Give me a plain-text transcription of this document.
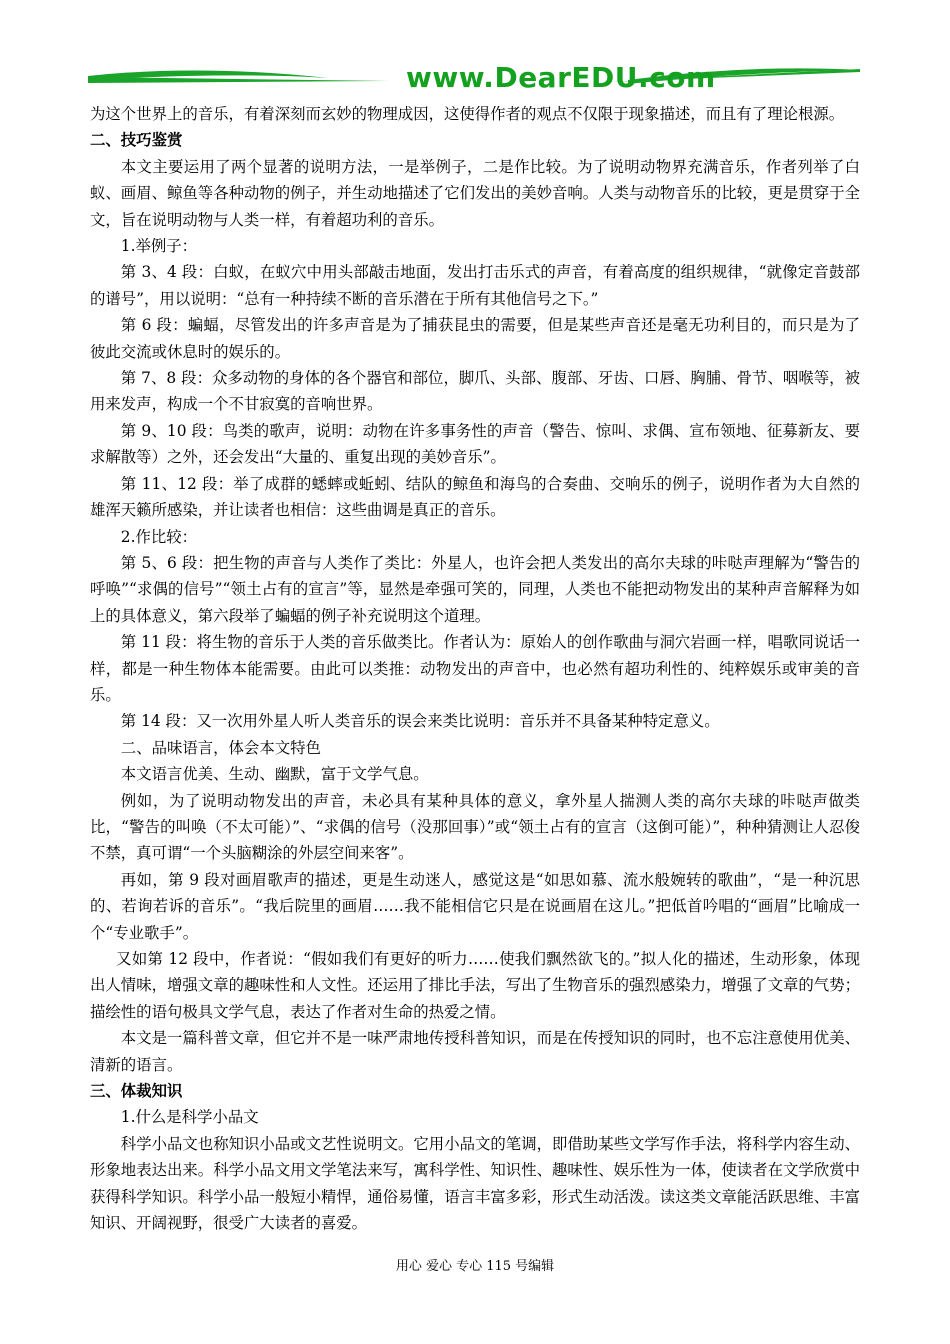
www.DearEDU.com

为这个世界上的音乐，有着深刻而玄妙的物理成因，这使得作者的观点不仅限于现象描述，而且有了理论根源。

二、技巧鉴赏

本文主要运用了两个显著的说明方法，一是举例子，二是作比较。为了说明动物界充满音乐，作者列举了白蚁、画眉、鲸鱼等各种动物的例子，并生动地描述了它们发出的美妙音响。人类与动物音乐的比较，更是贯穿于全文，旨在说明动物与人类一样，有着超功利的音乐。

1.举例子：

第 3、4 段：白蚁，在蚁穴中用头部敲击地面，发出打击乐式的声音，有着高度的组织规律，“就像定音鼓部的谱号”，用以说明：“总有一种持续不断的音乐潜在于所有其他信号之下。”

第 6 段：蝙蝠，尽管发出的许多声音是为了捕获昆虫的需要，但是某些声音还是毫无功利目的，而只是为了彼此交流或休息时的娱乐的。

第 7、8 段：众多动物的身体的各个器官和部位，脚爪、头部、腹部、牙齿、口唇、胸脯、骨节、咽喉等，被用来发声，构成一个不甘寂寞的音响世界。

第 9、10 段：鸟类的歌声，说明：动物在许多事务性的声音（警告、惊叫、求偶、宣布领地、征募新友、要求解散等）之外，还会发出“大量的、重复出现的美妙音乐”。

第 11、12 段：举了成群的蟋蟀或蚯蚓、结队的鲸鱼和海鸟的合奏曲、交响乐的例子，说明作者为大自然的雄浑天籁所感染，并让读者也相信：这些曲调是真正的音乐。

2.作比较：

第 5、6 段：把生物的声音与人类作了类比：外星人，也许会把人类发出的高尔夫球的咔哒声理解为“警告的呼唤”“求偶的信号”“领土占有的宣言”等，显然是牵强可笑的，同理，人类也不能把动物发出的某种声音解释为如上的具体意义，第六段举了蝙蝠的例子补充说明这个道理。

第 11 段：将生物的音乐于人类的音乐做类比。作者认为：原始人的创作歌曲与洞穴岩画一样，唱歌同说话一样，都是一种生物体本能需要。由此可以类推：动物发出的声音中，也必然有超功利性的、纯粹娱乐或审美的音乐。

第 14 段：又一次用外星人听人类音乐的误会来类比说明：音乐并不具备某种特定意义。

二、品味语言，体会本文特色

本文语言优美、生动、幽默，富于文学气息。

例如，为了说明动物发出的声音，未必具有某种具体的意义，拿外星人揣测人类的高尔夫球的咔哒声做类比，“警告的叫唤（不太可能）”、“求偶的信号（没那回事）”或“领土占有的宣言（这倒可能）”，种种猜测让人忍俊不禁，真可谓“一个头脑糊涂的外层空间来客”。

再如，第 9 段对画眉歌声的描述，更是生动迷人，感觉这是“如思如慕、流水般婉转的歌曲”，“是一种沉思的、若询若诉的音乐”。“我后院里的画眉……我不能相信它只是在说画眉在这儿。”把低首吟唱的“画眉”比喻成一个“专业歌手”。

又如第 12 段中，作者说：“假如我们有更好的听力……使我们飘然欲飞的。”拟人化的描述，生动形象，体现出人情味，增强文章的趣味性和人文性。还运用了排比手法，写出了生物音乐的强烈感染力，增强了文章的气势；描绘性的语句极具文学气息，表达了作者对生命的热爱之情。

本文是一篇科普文章，但它并不是一味严肃地传授科普知识，而是在传授知识的同时，也不忘注意使用优美、清新的语言。

三、体裁知识

1.什么是科学小品文

科学小品文也称知识小品或文艺性说明文。它用小品文的笔调，即借助某些文学写作手法，将科学内容生动、形象地表达出来。科学小品文用文学笔法来写，寓科学性、知识性、趣味性、娱乐性为一体，使读者在文学欣赏中获得科学知识。科学小品一般短小精悍，通俗易懂，语言丰富多彩，形式生动活泼。读这类文章能活跃思维、丰富知识、开阔视野，很受广大读者的喜爱。

用心 爱心 专心 115 号编辑
